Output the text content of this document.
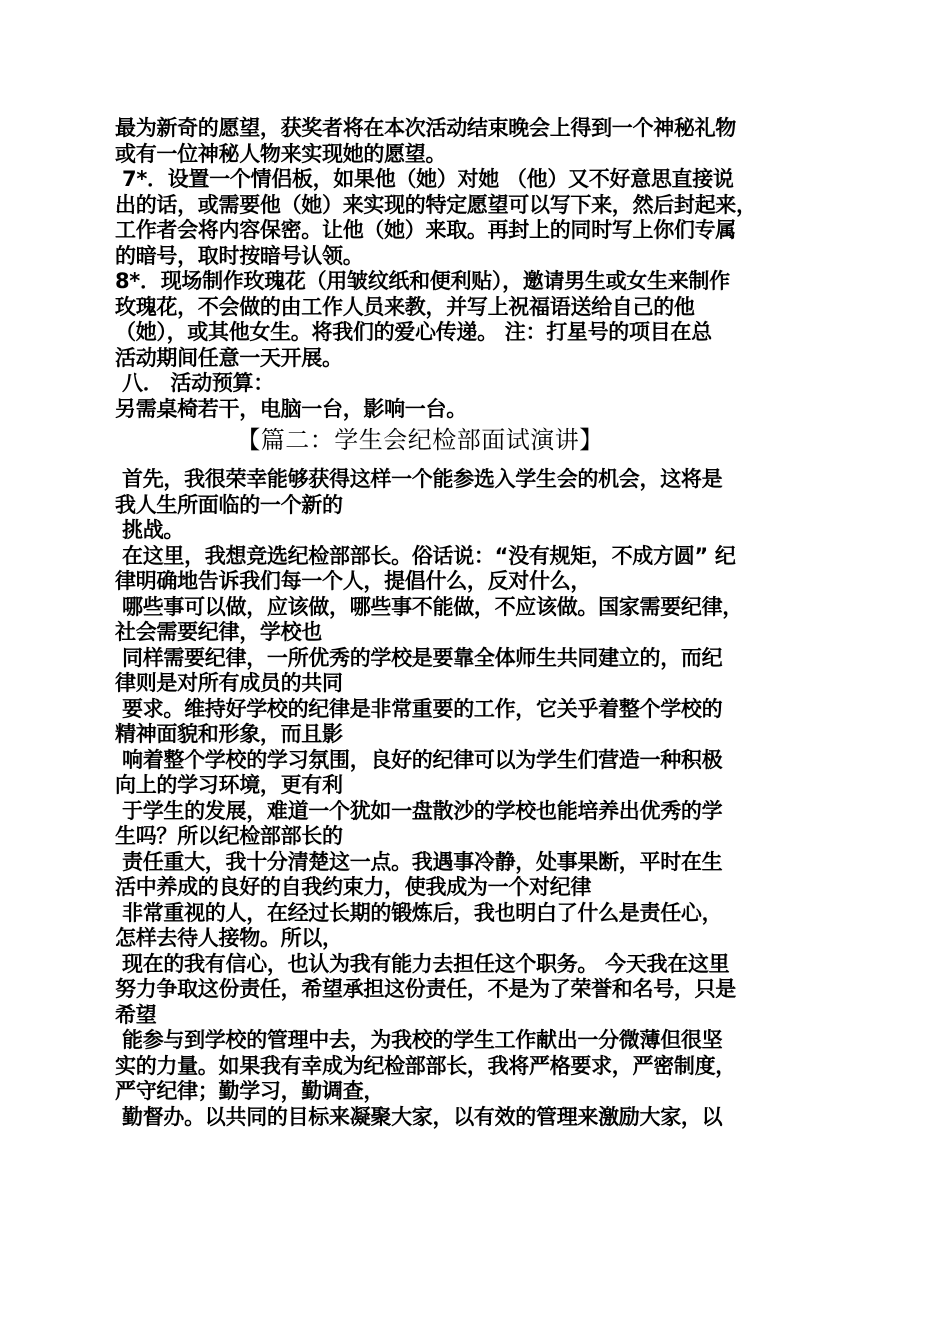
最为新奇的愿望，获奖者将在本次活动结束晚会上得到一个神秘礼物
或有一位神秘人物来实现她的愿望。
7*．设置一个情侣板，如果他（她）对她 （他）又不好意思直接说
出的话，或需要他（她）来实现的特定愿望可以写下来，然后封起来，
工作者会将内容保密。让他（她）来取。再封上的同时写上你们专属
的暗号，取时按暗号认领。
8*．现场制作玫瑰花（用皱纹纸和便利贴），邀请男生或女生来制作
玫瑰花，不会做的由工作人员来教，并写上祝福语送给自己的他
（她），或其他女生。将我们的爱心传递。 注：打星号的项目在总
活动期间任意一天开展。
八． 活动预算：
另需桌椅若干，电脑一台，影响一台。
【篇二：学生会纪检部面试演讲】
首先，我很荣幸能够获得这样一个能参选入学生会的机会，这将是
我人生所面临的一个新的
挑战。
在这里，我想竞选纪检部部长。俗话说：“没有规矩，不成方圆” 纪
律明确地告诉我们每一个人，提倡什么，反对什么，
哪些事可以做，应该做，哪些事不能做，不应该做。国家需要纪律，
社会需要纪律，学校也
同样需要纪律，一所优秀的学校是要靠全体师生共同建立的，而纪
律则是对所有成员的共同
要求。维持好学校的纪律是非常重要的工作，它关乎着整个学校的
精神面貌和形象，而且影
响着整个学校的学习氛围，良好的纪律可以为学生们营造一种积极
向上的学习环境，更有利
于学生的发展，难道一个犹如一盘散沙的学校也能培养出优秀的学
生吗？所以纪检部部长的
责任重大，我十分清楚这一点。我遇事冷静，处事果断，平时在生
活中养成的良好的自我约束力，使我成为一个对纪律
非常重视的人，在经过长期的锻炼后，我也明白了什么是责任心，
怎样去待人接物。所以，
现在的我有信心，也认为我有能力去担任这个职务。 今天我在这里
努力争取这份责任，希望承担这份责任，不是为了荣誉和名号，只是
希望
能参与到学校的管理中去，为我校的学生工作献出一分微薄但很坚
实的力量。如果我有幸成为纪检部部长，我将严格要求，严密制度，
严守纪律；勤学习，勤调查，
勤督办。以共同的目标来凝聚大家，以有效的管理来激励大家，以
